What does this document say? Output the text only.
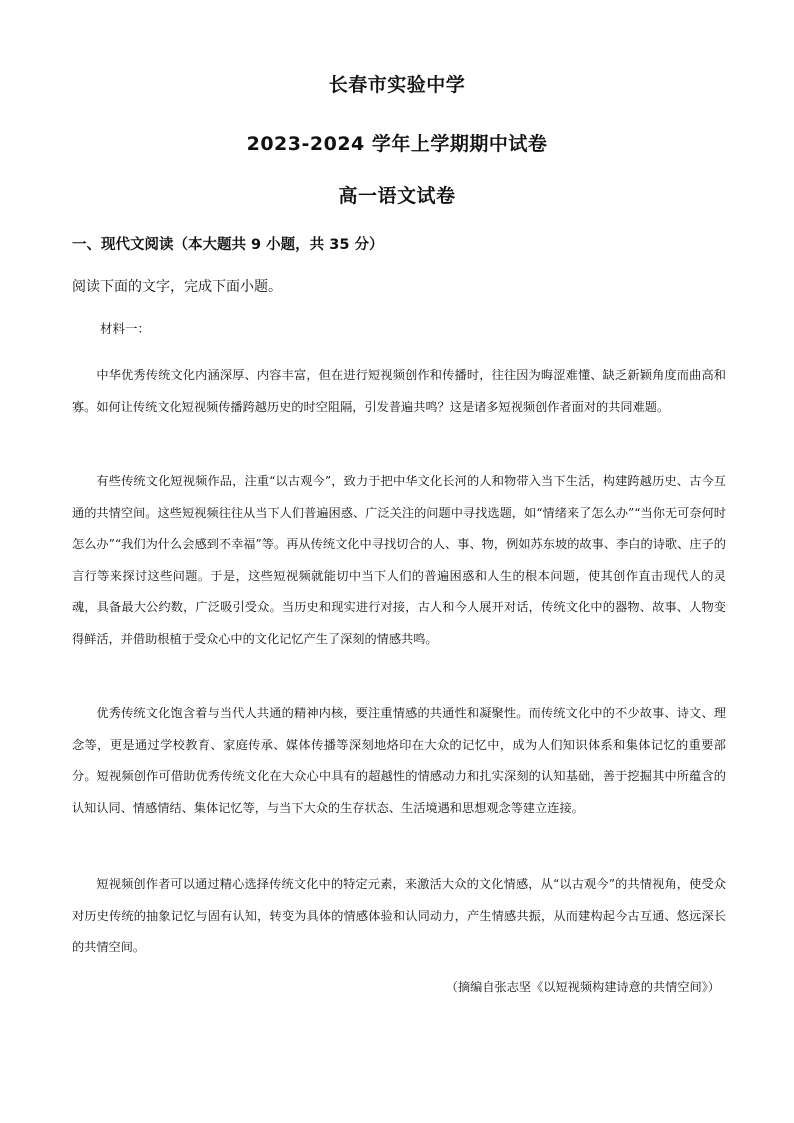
长春市实验中学
2023-2024 学年上学期期中试卷
高一语文试卷
一、现代文阅读（本大题共 9 小题，共 35 分）

阅读下面的文字，完成下面小题。

材料一：

中华优秀传统文化内涵深厚、内容丰富，但在进行短视频创作和传播时，往往因为晦涩难懂、缺乏新颖角度而曲高和寡。如何让传统文化短视频传播跨越历史的时空阻隔，引发普遍共鸣？这是诸多短视频创作者面对的共同难题。

有些传统文化短视频作品，注重“以古观今”，致力于把中华文化长河的人和物带入当下生活，构建跨越历史、古今互通的共情空间。这些短视频往往从当下人们普遍困惑、广泛关注的问题中寻找选题，如“情绪来了怎么办”“当你无可奈何时怎么办”“我们为什么会感到不幸福”等。再从传统文化中寻找切合的人、事、物，例如苏东坡的故事、李白的诗歌、庄子的言行等来探讨这些问题。于是，这些短视频就能切中当下人们的普遍困惑和人生的根本问题，使其创作直击现代人的灵魂，具备最大公约数，广泛吸引受众。当历史和现实进行对接，古人和今人展开对话，传统文化中的器物、故事、人物变得鲜活，并借助根植于受众心中的文化记忆产生了深刻的情感共鸣。

优秀传统文化饱含着与当代人共通的精神内核，要注重情感的共通性和凝聚性。而传统文化中的不少故事、诗文、理念等，更是通过学校教育、家庭传承、媒体传播等深刻地烙印在大众的记忆中，成为人们知识体系和集体记忆的重要部分。短视频创作可借助优秀传统文化在大众心中具有的超越性的情感动力和扎实深刻的认知基础，善于挖掘其中所蕴含的认知认同、情感情结、集体记忆等，与当下大众的生存状态、生活境遇和思想观念等建立连接。

短视频创作者可以通过精心选择传统文化中的特定元素，来激活大众的文化情感，从“以古观今”的共情视角，使受众对历史传统的抽象记忆与固有认知，转变为具体的情感体验和认同动力，产生情感共振，从而建构起今古互通、悠远深长的共情空间。

（摘编自张志坚《以短视频构建诗意的共情空间》）
